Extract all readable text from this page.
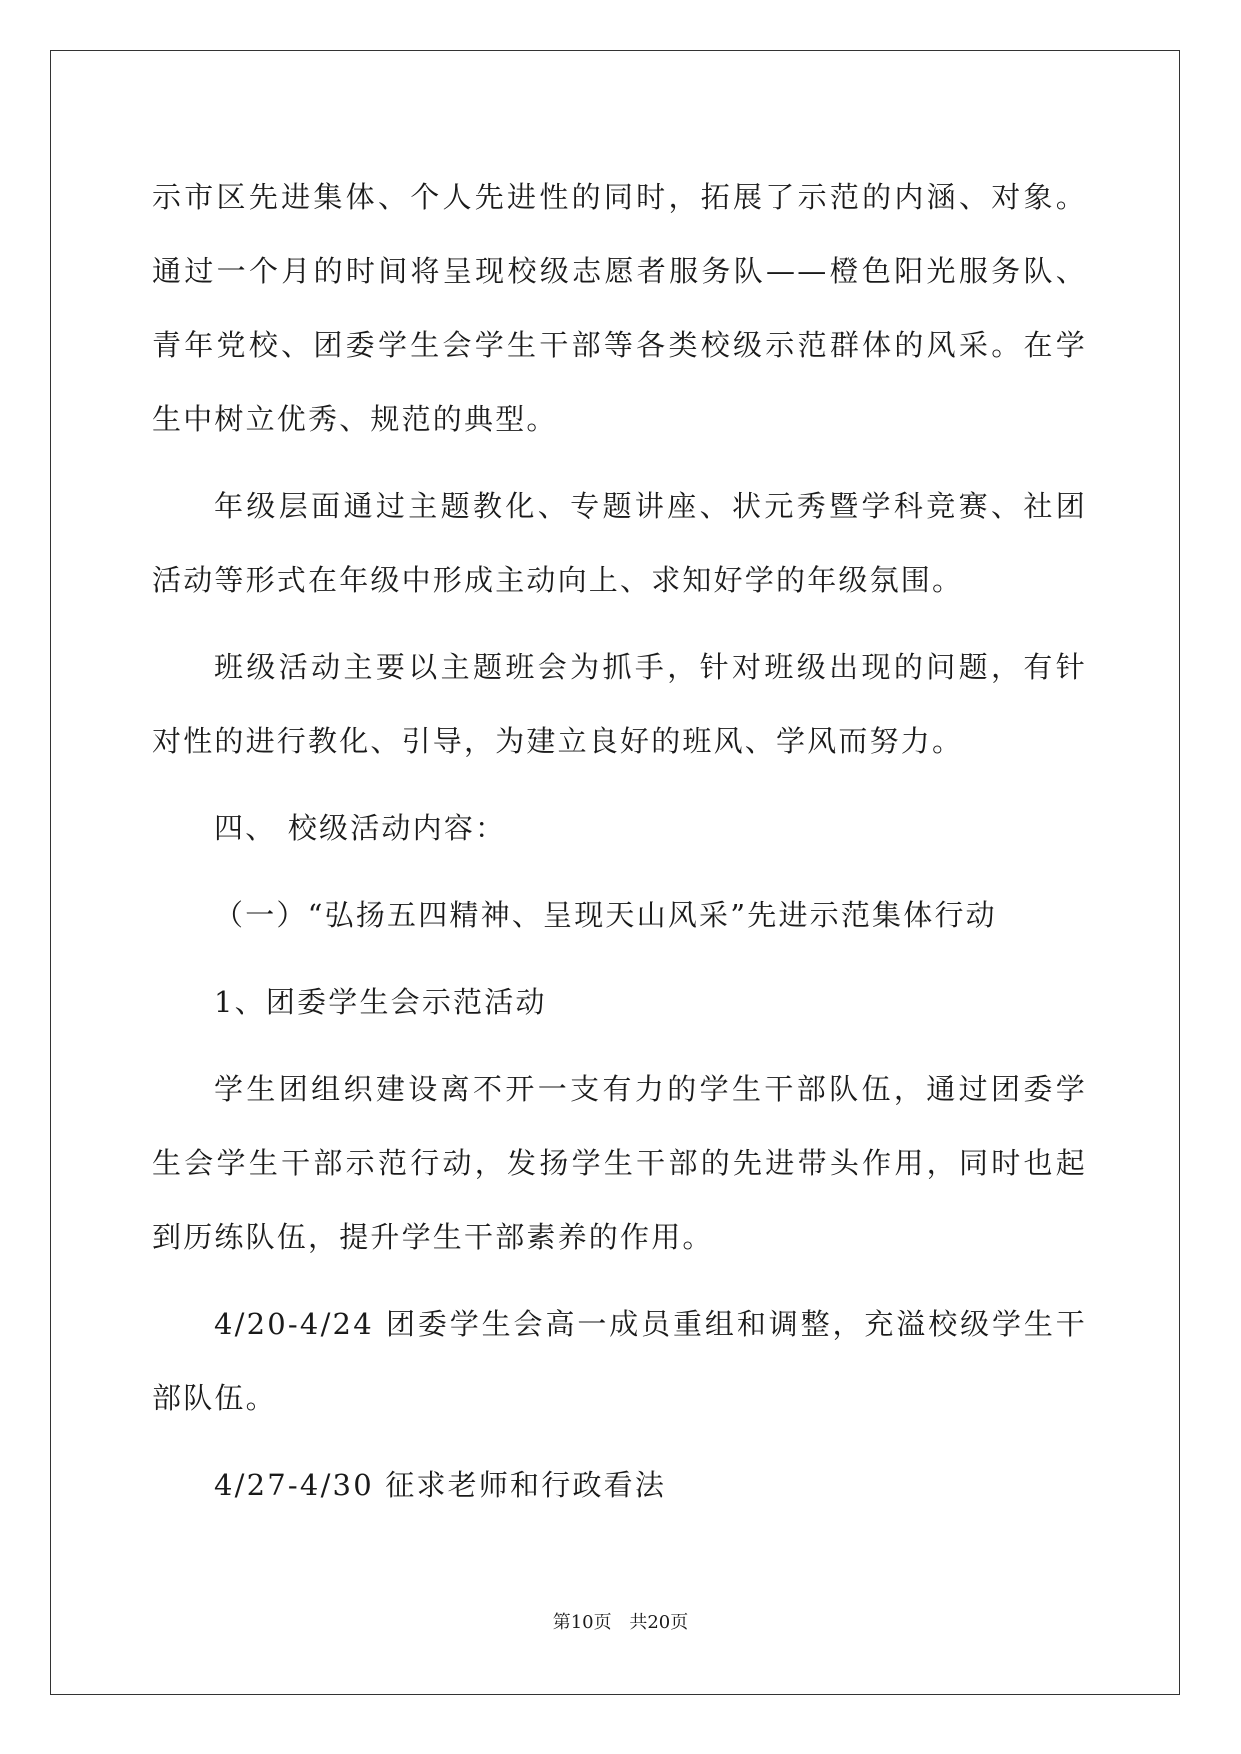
示市区先进集体、个人先进性的同时，拓展了示范的内涵、对象。通过一个月的时间将呈现校级志愿者服务队——橙色阳光服务队、青年党校、团委学生会学生干部等各类校级示范群体的风采。在学生中树立优秀、规范的典型。

年级层面通过主题教化、专题讲座、状元秀暨学科竞赛、社团活动等形式在年级中形成主动向上、求知好学的年级氛围。

班级活动主要以主题班会为抓手，针对班级出现的问题，有针对性的进行教化、引导，为建立良好的班风、学风而努力。

四、 校级活动内容：

（一）“弘扬五四精神、呈现天山风采”先进示范集体行动

1、团委学生会示范活动

学生团组织建设离不开一支有力的学生干部队伍，通过团委学生会学生干部示范行动，发扬学生干部的先进带头作用，同时也起到历练队伍，提升学生干部素养的作用。

4/20-4/24 团委学生会高一成员重组和调整，充溢校级学生干部队伍。

4/27-4/30 征求老师和行政看法

第10页 共20页
